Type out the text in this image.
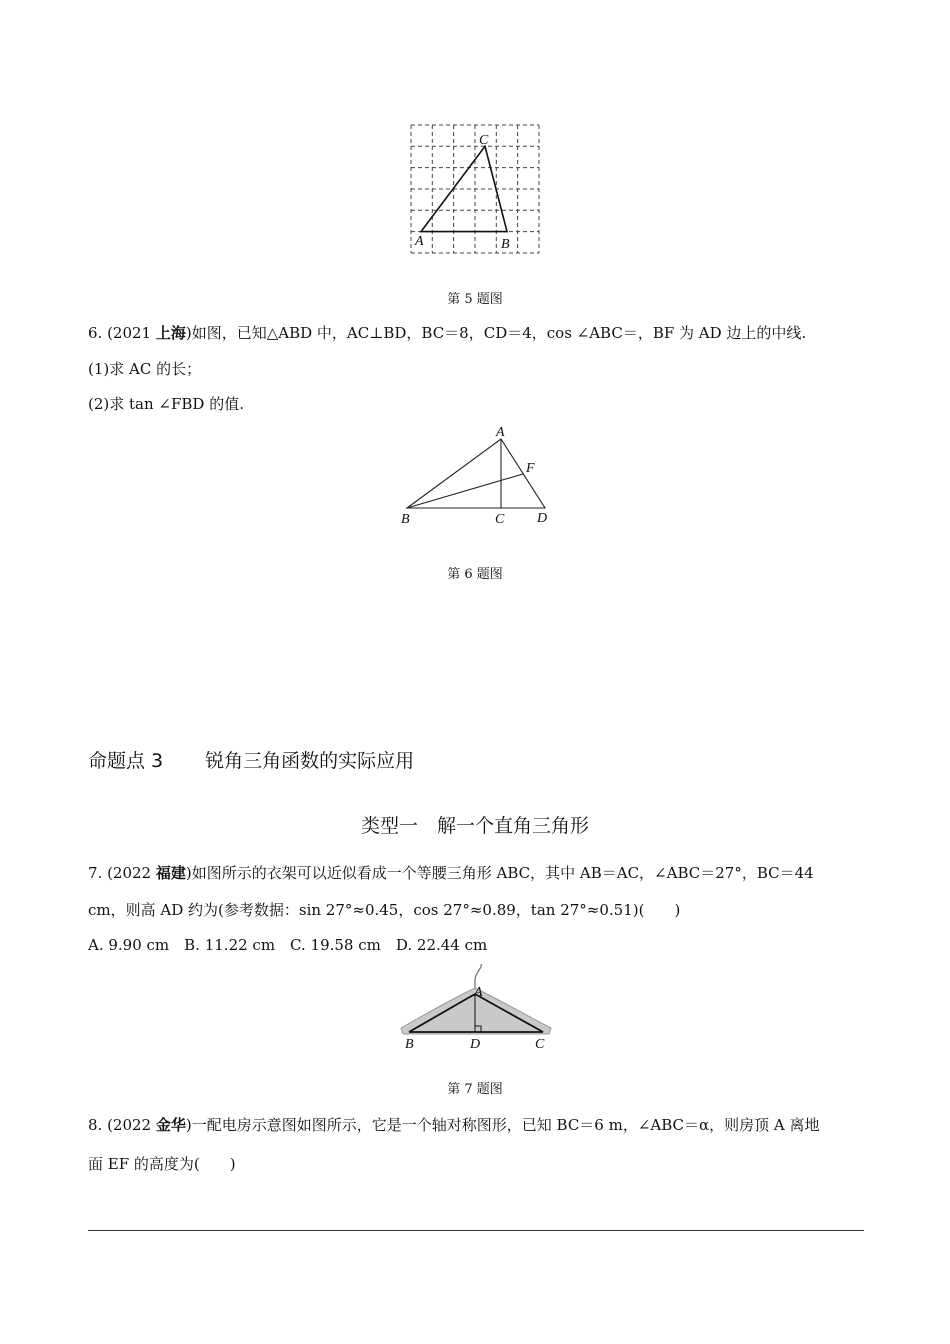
A	B
C
第 5 题图
6. (2021 上海)如图，已知△ABD 中，AC⊥BD，BC＝8，CD＝4，cos ∠ABC＝，BF 为 AD 边上的中线.
(1)求 AC 的长；
(2)求 tan ∠FBD 的值.
A
F
B	C D
第 6 题图
命题点 3 锐角三角函数的实际应用
类型一　解一个直角三角形
7. (2022 福建)如图所示的衣架可以近似看成一个等腰三角形 ABC，其中 AB＝AC，∠ABC＝27°，BC＝44
cm，则高 AD 约为(参考数据：sin 27°≈0.45，cos 27°≈0.89，tan 27°≈0.51)(　　)
A. 9.90 cm　B. 11.22 cm　C. 19.58 cm　D. 22.44 cm
A
B	D	C
第 7 题图
8. (2022 金华)一配电房示意图如图所示，它是一个轴对称图形，已知 BC＝6 m，∠ABC＝α，则房顶 A 离地
面 EF 的高度为(　　)
